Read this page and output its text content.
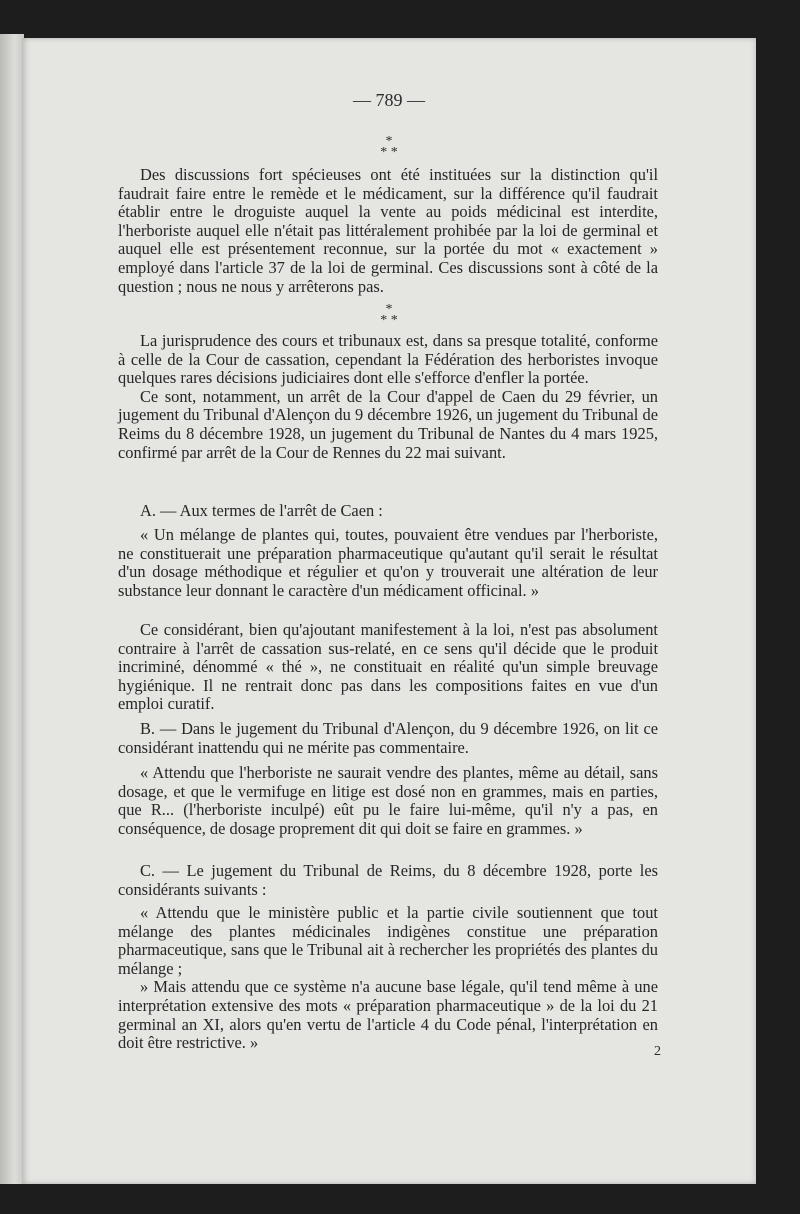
— 789 —
*
* *

Des discussions fort spécieuses ont été instituées sur la distinction qu'il faudrait faire entre le remède et le médicament, sur la différence qu'il faudrait établir entre le droguiste auquel la vente au poids médicinal est interdite, l'herboriste auquel elle n'était pas littéralement prohibée par la loi de germinal et auquel elle est présentement reconnue, sur la portée du mot « exactement » employé dans l'article 37 de la loi de germinal. Ces discussions sont à côté de la question ; nous ne nous y arrêterons pas.

*
* *

La jurisprudence des cours et tribunaux est, dans sa presque totalité, conforme à celle de la Cour de cassation, cependant la Fédération des herboristes invoque quelques rares décisions judiciaires dont elle s'efforce d'enfler la portée.

Ce sont, notamment, un arrêt de la Cour d'appel de Caen du 29 février, un jugement du Tribunal d'Alençon du 9 décembre 1926, un jugement du Tribunal de Reims du 8 décembre 1928, un jugement du Tribunal de Nantes du 4 mars 1925, confirmé par arrêt de la Cour de Rennes du 22 mai suivant.

A. — Aux termes de l'arrêt de Caen :

« Un mélange de plantes qui, toutes, pouvaient être vendues par l'herboriste, ne constituerait une préparation pharmaceutique qu'autant qu'il serait le résultat d'un dosage méthodique et régulier et qu'on y trouverait une altération de leur substance leur donnant le caractère d'un médicament officinal. »

Ce considérant, bien qu'ajoutant manifestement à la loi, n'est pas absolument contraire à l'arrêt de cassation sus-relaté, en ce sens qu'il décide que le produit incriminé, dénommé « thé », ne constituait en réalité qu'un simple breuvage hygiénique. Il ne rentrait donc pas dans les compositions faites en vue d'un emploi curatif.

B. — Dans le jugement du Tribunal d'Alençon, du 9 décembre 1926, on lit ce considérant inattendu qui ne mérite pas commentaire.

« Attendu que l'herboriste ne saurait vendre des plantes, même au détail, sans dosage, et que le vermifuge en litige est dosé non en grammes, mais en parties, que R... (l'herboriste inculpé) eût pu le faire lui-même, qu'il n'y a pas, en conséquence, de dosage proprement dit qui doit se faire en grammes. »

C. — Le jugement du Tribunal de Reims, du 8 décembre 1928, porte les considérants suivants :

« Attendu que le ministère public et la partie civile soutiennent que tout mélange des plantes médicinales indigènes constitue une préparation pharmaceutique, sans que le Tribunal ait à rechercher les propriétés des plantes du mélange ;

» Mais attendu que ce système n'a aucune base légale, qu'il tend même à une interprétation extensive des mots « préparation pharmaceutique » de la loi du 21 germinal an XI, alors qu'en vertu de l'article 4 du Code pénal, l'interprétation en doit être restrictive. »	2
